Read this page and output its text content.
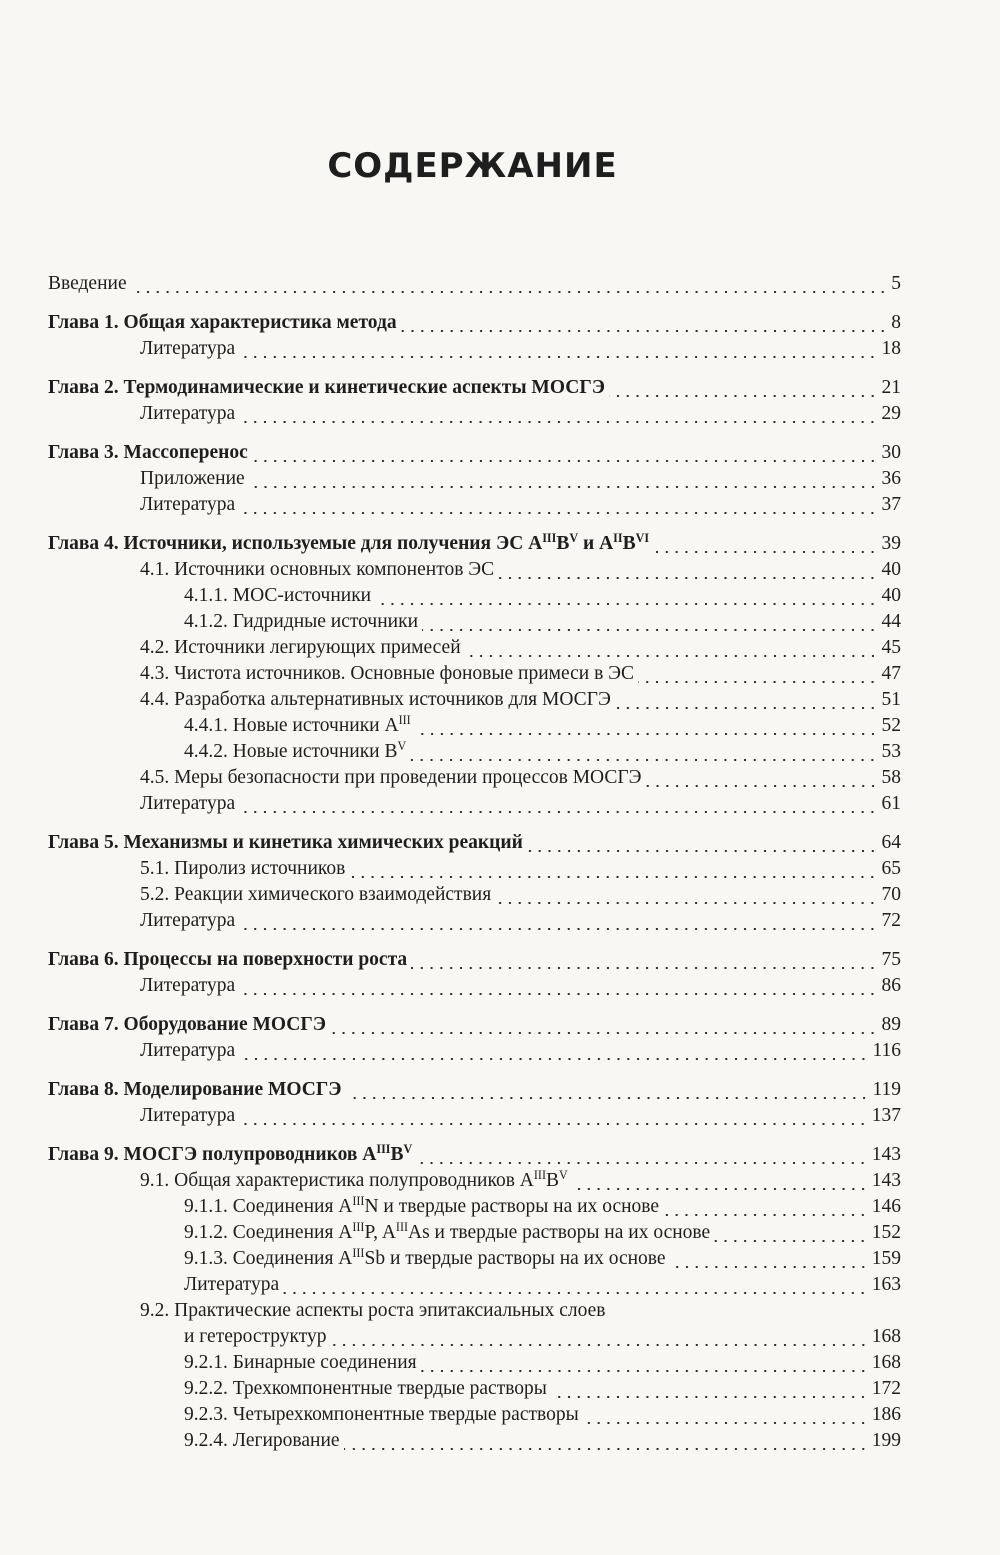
СОДЕРЖАНИЕ
Введение	5
Глава 1. Общая характеристика метода	8
Литература	18
Глава 2. Термодинамические и кинетические аспекты МОСГЭ	21
Литература	29
Глава 3. Массоперенос	30
Приложение	36
Литература	37
Глава 4. Источники, используемые для получения ЭС $A^{III}B^V$ и $A^{II}B^{VI}$	39
4.1. Источники основных компонентов ЭС	40
4.1.1. МОС-источники	40
4.1.2. Гидридные источники	44
4.2. Источники легирующих примесей	45
4.3. Чистота источников. Основные фоновые примеси в ЭС	47
4.4. Разработка альтернативных источников для МОСГЭ	51
4.4.1. Новые источники $A^{III}$	52
4.4.2. Новые источники $B^V$	53
4.5. Меры безопасности при проведении процессов МОСГЭ	58
Литература	61
Глава 5. Механизмы и кинетика химических реакций	64
5.1. Пиролиз источников	65
5.2. Реакции химического взаимодействия	70
Литература	72
Глава 6. Процессы на поверхности роста	75
Литература	86
Глава 7. Оборудование МОСГЭ	89
Литература	116
Глава 8. Моделирование МОСГЭ	119
Литература	137
Глава 9. МОСГЭ полупроводников $A^{III}B^V$	143
9.1. Общая характеристика полупроводников $A^{III}B^V$	143
9.1.1. Соединения $A^{III}N$ и твердые растворы на их основе	146
9.1.2. Соединения $A^{III}P$, $A^{III}As$ и твердые растворы на их основе	152
9.1.3. Соединения $A^{III}Sb$ и твердые растворы на их основе	159
Литература	163
9.2. Практические аспекты роста эпитаксиальных слоев
и гетероструктур	168
9.2.1. Бинарные соединения	168
9.2.2. Трехкомпонентные твердые растворы	172
9.2.3. Четырехкомпонентные твердые растворы	186
9.2.4. Легирование	199
